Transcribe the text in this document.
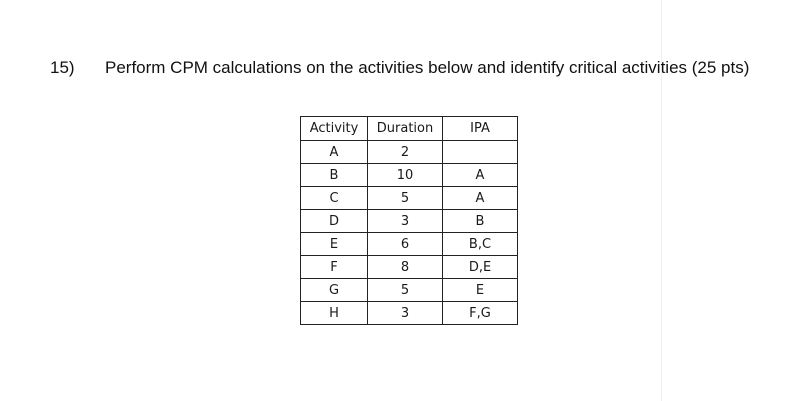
15) Perform CPM calculations on the activities below and identify critical activities (25 pts)
Activity	Duration	IPA
A	2	
B	10	A
C	5	A
D	3	B
E	6	B,C
F	8	D,E
G	5	E
H	3	F,G
